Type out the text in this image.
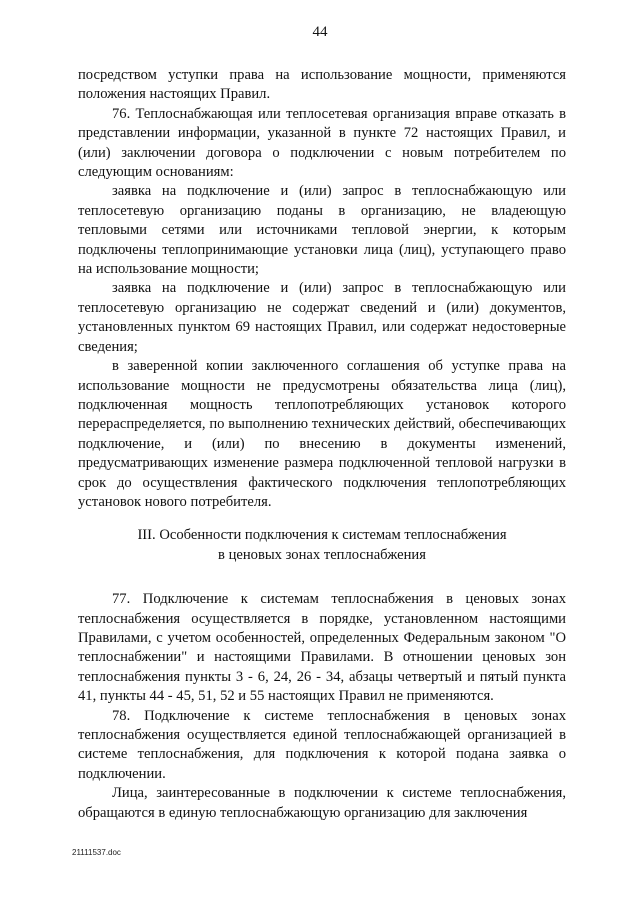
44

посредством уступки права на использование мощности, применяются положения настоящих Правил.

76. Теплоснабжающая или теплосетевая организация вправе отказать в представлении информации, указанной в пункте 72 настоящих Правил, и (или) заключении договора о подключении с новым потребителем по следующим основаниям:

заявка на подключение и (или) запрос в теплоснабжающую или теплосетевую организацию поданы в организацию, не владеющую тепловыми сетями или источниками тепловой энергии, к которым подключены теплопринимающие установки лица (лиц), уступающего право на использование мощности;

заявка на подключение и (или) запрос в теплоснабжающую или теплосетевую организацию не содержат сведений и (или) документов, установленных пунктом 69 настоящих Правил, или содержат недостоверные сведения;

в заверенной копии заключенного соглашения об уступке права на использование мощности не предусмотрены обязательства лица (лиц), подключенная мощность теплопотребляющих установок которого перераспределяется, по выполнению технических действий, обеспечивающих подключение, и (или) по внесению в документы изменений, предусматривающих изменение размера подключенной тепловой нагрузки в срок до осуществления фактического подключения теплопотребляющих установок нового потребителя.

III. Особенности подключения к системам теплоснабжения
в ценовых зонах теплоснабжения

77. Подключение к системам теплоснабжения в ценовых зонах теплоснабжения осуществляется в порядке, установленном настоящими Правилами, с учетом особенностей, определенных Федеральным законом "О теплоснабжении" и настоящими Правилами. В отношении ценовых зон теплоснабжения пункты 3 - 6, 24, 26 - 34, абзацы четвертый и пятый пункта 41, пункты 44 - 45, 51, 52 и 55 настоящих Правил не применяются.

78. Подключение к системе теплоснабжения в ценовых зонах теплоснабжения осуществляется единой теплоснабжающей организацией в системе теплоснабжения, для подключения к которой подана заявка о подключении.

Лица, заинтересованные в подключении к системе теплоснабжения, обращаются в единую теплоснабжающую организацию для заключения

21111537.doc
